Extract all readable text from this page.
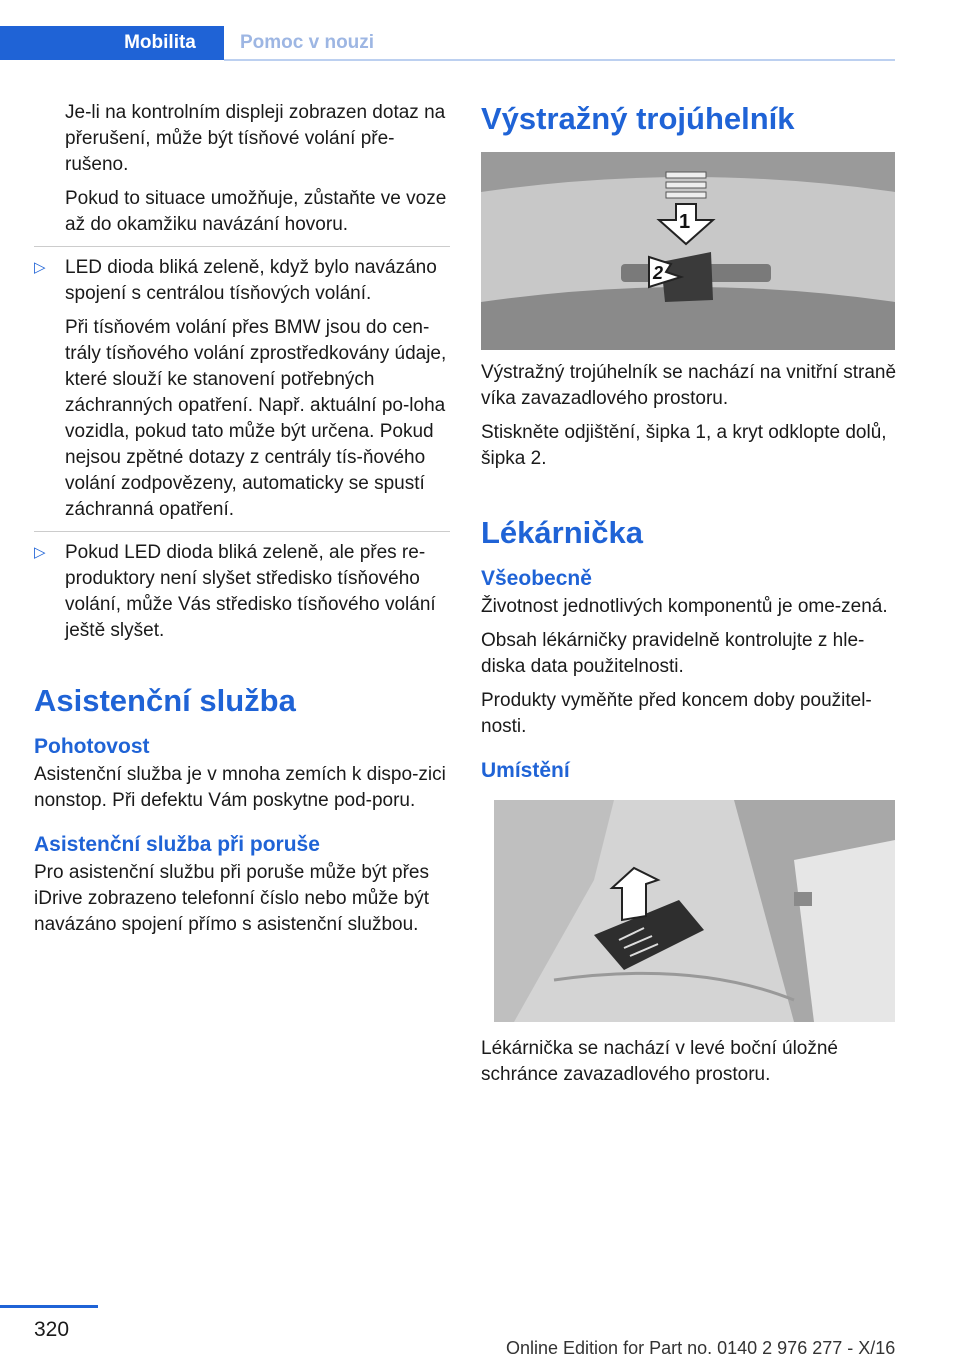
Mobilita	Pomoc v nouzi

Je-li na kontrolním displeji zobrazen dotaz na přerušení, může být tísňové volání pře-rušeno.

Pokud to situace umožňuje, zůstaňte ve voze až do okamžiku navázání hovoru.

▷ LED dioda bliká zeleně, když bylo navázáno spojení s centrálou tísňových volání.

Při tísňovém volání přes BMW jsou do cen-trály tísňového volání zprostředkovány údaje, které slouží ke stanovení potřebných záchranných opatření. Např. aktuální po-loha vozidla, pokud tato může být určena. Pokud nejsou zpětné dotazy z centrály tís-ňového volání zodpovězeny, automaticky se spustí záchranná opatření.

▷ Pokud LED dioda bliká zeleně, ale přes re-produktory není slyšet středisko tísňového volání, může Vás středisko tísňového volání ještě slyšet.

Asistenční služba
Pohotovost

Asistenční služba je v mnoha zemích k dispo-zici nonstop. Při defektu Vám poskytne pod-poru.

Asistenční služba při poruše

Pro asistenční službu při poruše může být přes iDrive zobrazeno telefonní číslo nebo může být navázáno spojení přímo s asistenční službou.

Výstražný trojúhelník
1
2

Výstražný trojúhelník se nachází na vnitřní straně víka zavazadlového prostoru.

Stiskněte odjištění, šipka 1, a kryt odklopte dolů, šipka 2.

Lékárnička
Všeobecně

Životnost jednotlivých komponentů je ome-zená.

Obsah lékárničky pravidelně kontrolujte z hle-diska data použitelnosti.

Produkty vyměňte před koncem doby použitel-nosti.

Umístění

Lékárnička se nachází v levé boční úložné schránce zavazadlového prostoru.

320
Online Edition for Part no. 0140 2 976 277 - X/16
